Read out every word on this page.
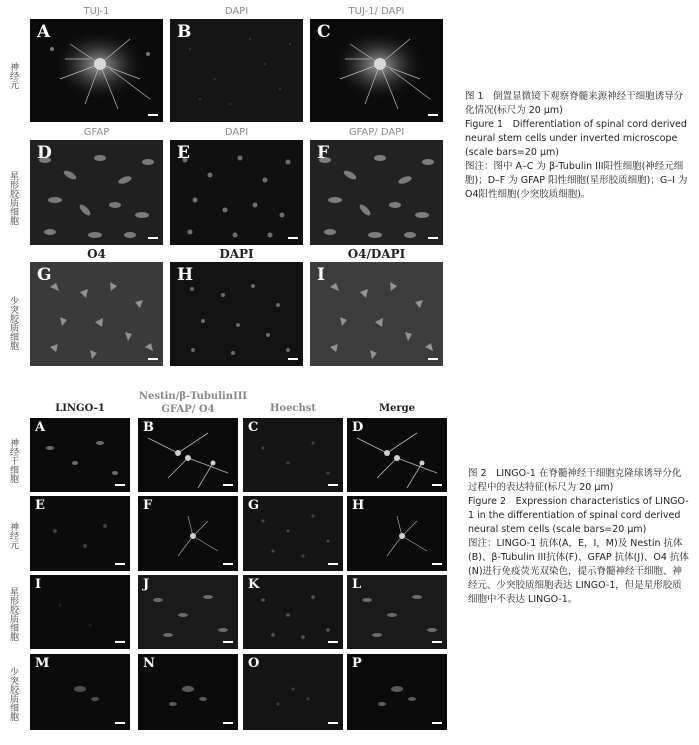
TUJ-1	DAPI	TUJ-1/ DAPI
GFAP	DAPI	GFAP/ DAPI
O4	DAPI	O4/DAPI
神经元
星形胶质细胞
少突胶质细胞
A	B	C
D	E	F
G	H	I

图 1　倒置显微镜下观察脊髓来源神经干细胞诱导分化情况(标尺为 20 μm)

Figure 1　Differentiation of spinal cord derived neural stem cells under inverted microscope (scale bars=20 μm)

图注：图中 A–C 为 β-Tubulin III阳性细胞(神经元细胞)；D–F 为 GFAP 阳性细胞(星形胶质细胞)；G–I 为 O4阳性细胞(少突胶质细胞)。

LINGO-1
Nestin/β-TubulinIII
GFAP/ O4	Hoechst	Merge
神经干细胞
神经元
星形胶质细胞
少突胶质细胞
A	B	C	D
E	F	G	H
I	J	K	L
M	N	O	P

图 2　LINGO-1 在脊髓神经干细胞克隆球诱导分化过程中的表达特征(标尺为 20 μm)

Figure 2　Expression characteristics of LINGO-1 in the differentiation of spinal cord derived neural stem cells (scale bars=20 μm)

图注：LINGO-1 抗体(A，E，I，M)及 Nestin 抗体(B)、β-Tubulin III抗体(F)、GFAP 抗体(J)、O4 抗体(N)进行免疫荧光双染色，提示脊髓神经干细胞、神经元、少突胶质细胞表达 LINGO-1，但是星形胶质细胞中不表达 LINGO-1。
